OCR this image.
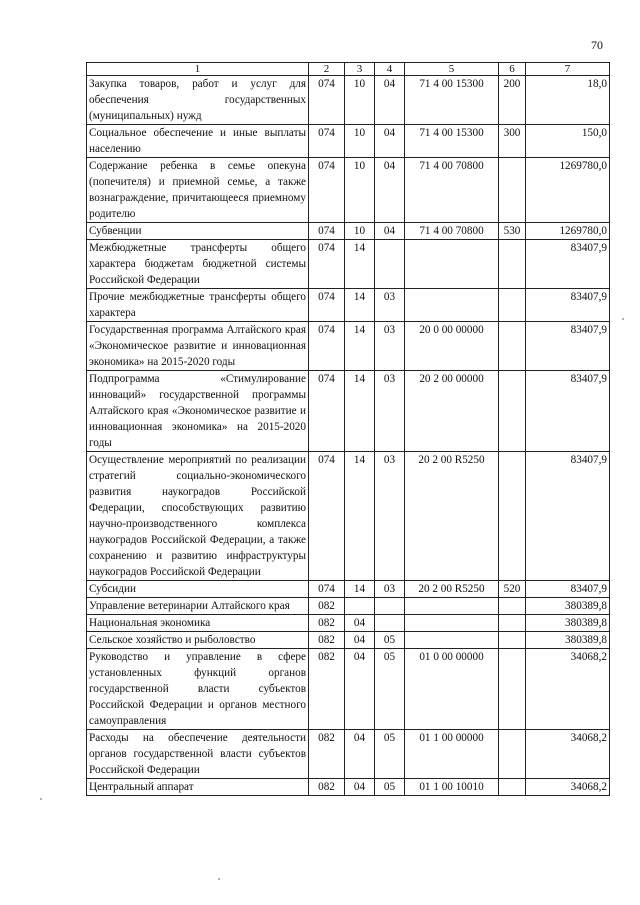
70
1	2	3	4	5	6	7
Закупка товаров, работ и услуг для обеспечения государственных (муниципальных) нужд	074	10	04	71 4 00 15300	200	18,0
Социальное обеспечение и иные выплаты населению	074	10	04	71 4 00 15300	300	150,0
Содержание ребенка в семье опекуна (попечителя) и приемной семье, а также вознаграждение, причитающееся приемному родителю	074	10	04	71 4 00 70800		1269780,0
Субвенции	074	10	04	71 4 00 70800	530	1269780,0
Межбюджетные трансферты общего характера бюджетам бюджетной системы Российской Федерации	074	14				83407,9
Прочие межбюджетные трансферты общего характера	074	14	03			83407,9
Государственная программа Алтайского края «Экономическое развитие и инновационная экономика» на 2015-2020 годы	074	14	03	20 0 00 00000		83407,9
Подпрограмма «Стимулирование инноваций» государственной программы Алтайского края «Экономическое развитие и инновационная экономика» на 2015-2020 годы	074	14	03	20 2 00 00000		83407,9
Осуществление мероприятий по реализации стратегий социально-экономического развития наукоградов Российской Федерации, способствующих развитию научно-производственного комплекса наукоградов Российской Федерации, а также сохранению и развитию инфраструктуры наукоградов Российской Федерации	074	14	03	20 2 00 R5250		83407,9
Субсидии	074	14	03	20 2 00 R5250	520	83407,9
Управление ветеринарии Алтайского края	082					380389,8
Национальная экономика	082	04				380389,8
Сельское хозяйство и рыболовство	082	04	05			380389,8
Руководство и управление в сфере установленных функций органов государственной власти субъектов Российской Федерации и органов местного самоуправления	082	04	05	01 0 00 00000		34068,2
Расходы на обеспечение деятельности органов государственной власти субъектов Российской Федерации	082	04	05	01 1 00 00000		34068,2
Центральный аппарат	082	04	05	01 1 00 10010		34068,2
